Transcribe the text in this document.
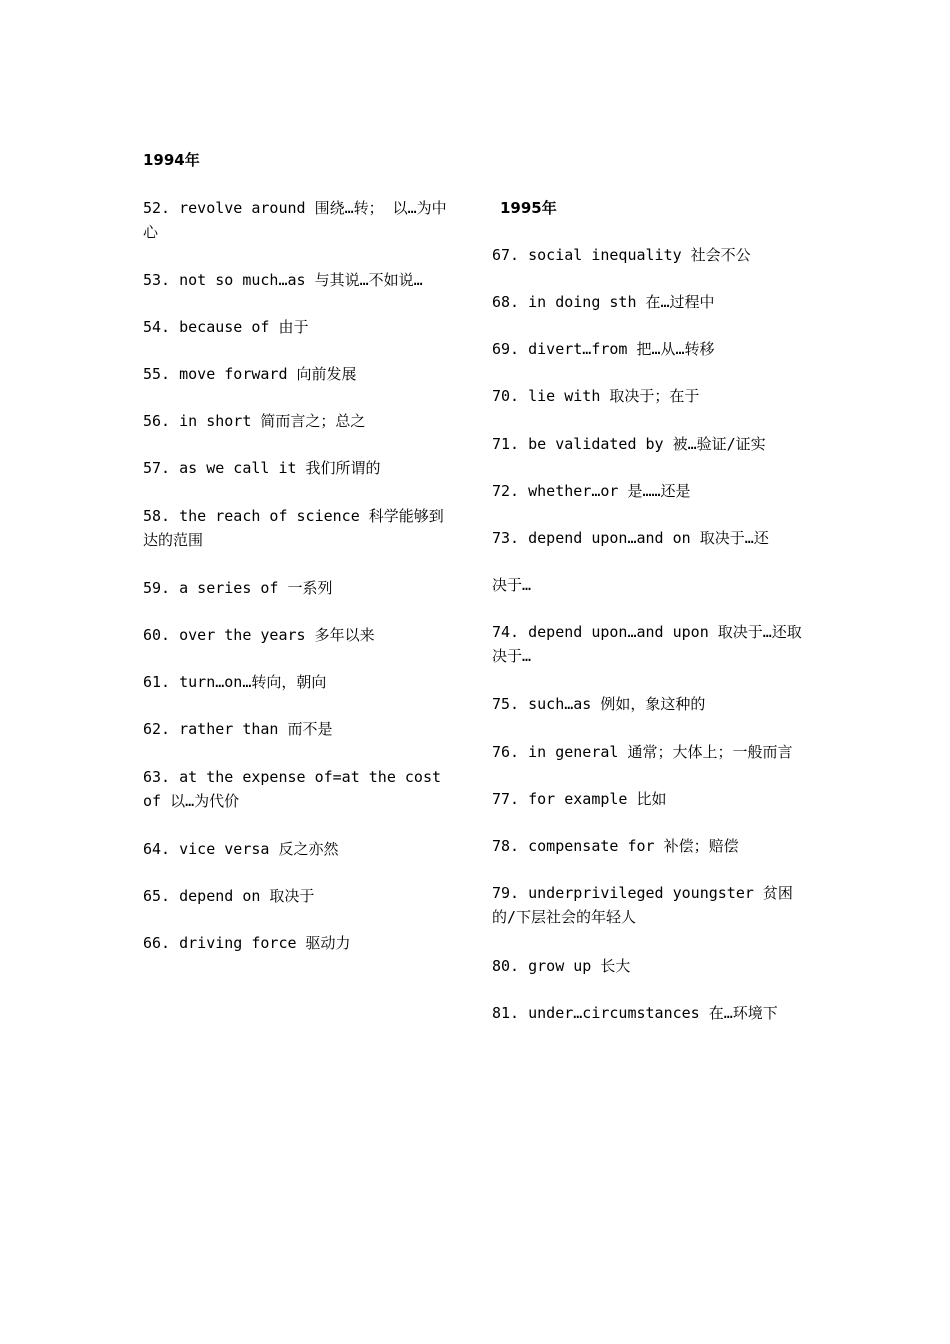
1994年
1995年
52. revolve around 围绕…转； 以…为中心
53. not so much…as 与其说…不如说…
54. because of 由于
55. move forward 向前发展
56. in short 简而言之；总之
57. as we call it 我们所谓的
58. the reach of science 科学能够到达的范围
59. a series of 一系列
60. over the years 多年以来
61. turn…on…转向，朝向
62. rather than 而不是
63. at the expense of=at the cost of 以…为代价
64. vice versa 反之亦然
65. depend on 取决于
66. driving force 驱动力
67. social inequality 社会不公
68. in doing sth 在…过程中
69. divert…from 把…从…转移
70. lie with 取决于；在于
71. be validated by 被…验证/证实
72. whether…or 是……还是
73. depend upon…and on 取决于…还
决于…
74. depend upon…and upon 取决于…还取决于…
75. such…as 例如，象这种的
76. in general 通常；大体上；一般而言
77. for example 比如
78. compensate for 补偿；赔偿
79. underprivileged youngster 贫困的/下层社会的年轻人
80. grow up 长大
81. under…circumstances 在…环境下
